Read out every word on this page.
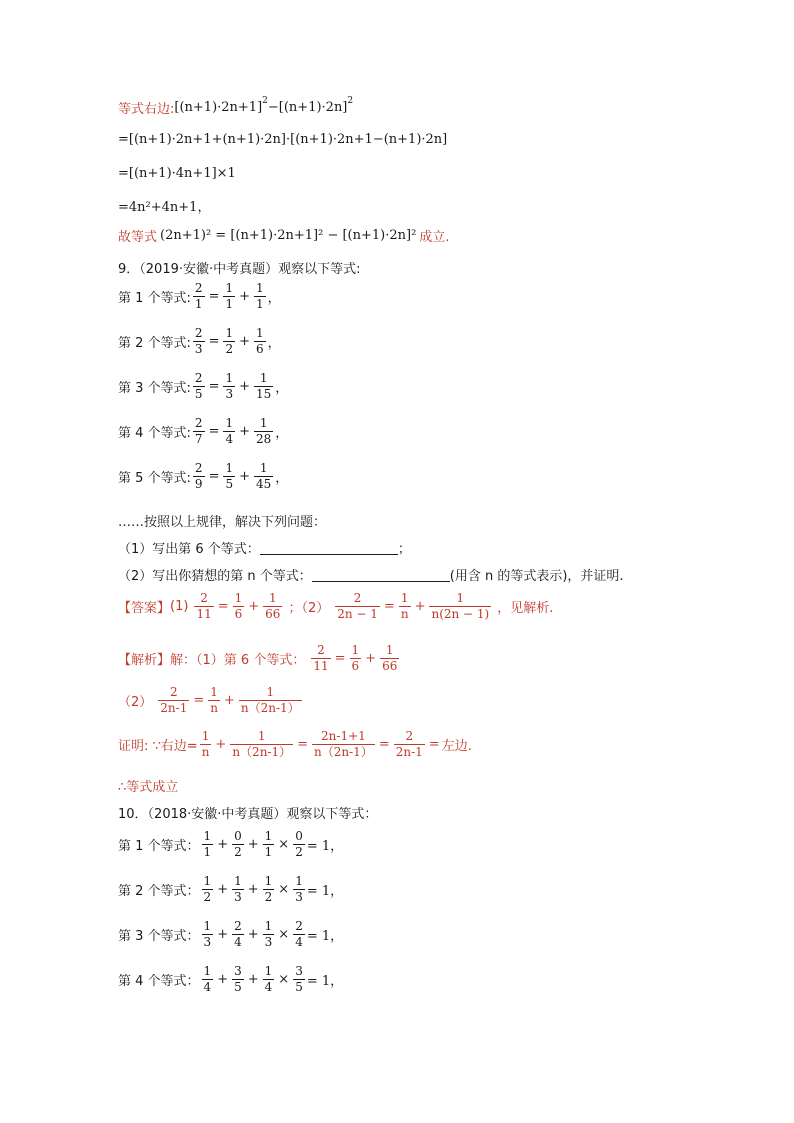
等式右边: [(n+1)·2n+1] 2 −[(n+1)·2n] 2
=[(n+1)·2n+1+(n+1)·2n]·[(n+1)·2n+1−(n+1)·2n]
=[(n+1)·4n+1]×1
=4n²+4n+1，
故等式 (2n+1)² = [(n+1)·2n+1]² − [(n+1)·2n]² 成立.
9．（2019·安徽·中考真题）观察以下等式:
第 1 个等式: $\frac{2}{1} = \frac{1}{1} + \frac{1}{1}$ ，
第 2 个等式: $\frac{2}{3} = \frac{1}{2} + \frac{1}{6}$ ，
第 3 个等式: $\frac{2}{5} = \frac{1}{3} + \frac{1}{15}$ ，
第 4 个等式: $\frac{2}{7} = \frac{1}{4} + \frac{1}{28}$ ，
第 5 个等式: $\frac{2}{9} = \frac{1}{5} + \frac{1}{45}$ ，
……按照以上规律，解决下列问题：
（1）写出第 6 个等式：	；
（2）写出你猜想的第 n 个等式：	(用含 n 的等式表示)，并证明.
【答案】 $(1) \frac{2}{11} = \frac{1}{6} + \frac{1}{66}$ ；$(2) \frac{2}{2n - 1} = \frac{1}{n} + \frac{1}{n(2n - 1)}$ ，见解析.
【解析】 解：（1）第 6 个等式： $\frac{2}{11} = \frac{1}{6} + \frac{1}{66}$
$(2) \frac{2}{2n-1} = \frac{1}{n} + \frac{1}{n(2n-1)}$
证明: ∵右边= $\frac{1}{n} + \frac{1}{n(2n-1)} = \frac{2n-1+1}{n(2n-1)} = \frac{2}{2n-1}$ = 左边.
∴等式成立
10．（2018·安徽·中考真题）观察以下等式：
第 1 个等式： $\frac{1}{1} + \frac{0}{2} + \frac{1}{1} \times \frac{0}{2} = 1$，
第 2 个等式： $\frac{1}{2} + \frac{1}{3} + \frac{1}{2} \times \frac{1}{3} = 1$，
第 3 个等式： $\frac{1}{3} + \frac{2}{4} + \frac{1}{3} \times \frac{2}{4} = 1$，
第 4 个等式： $\frac{1}{4} + \frac{3}{5} + \frac{1}{4} \times \frac{3}{5} = 1$，
